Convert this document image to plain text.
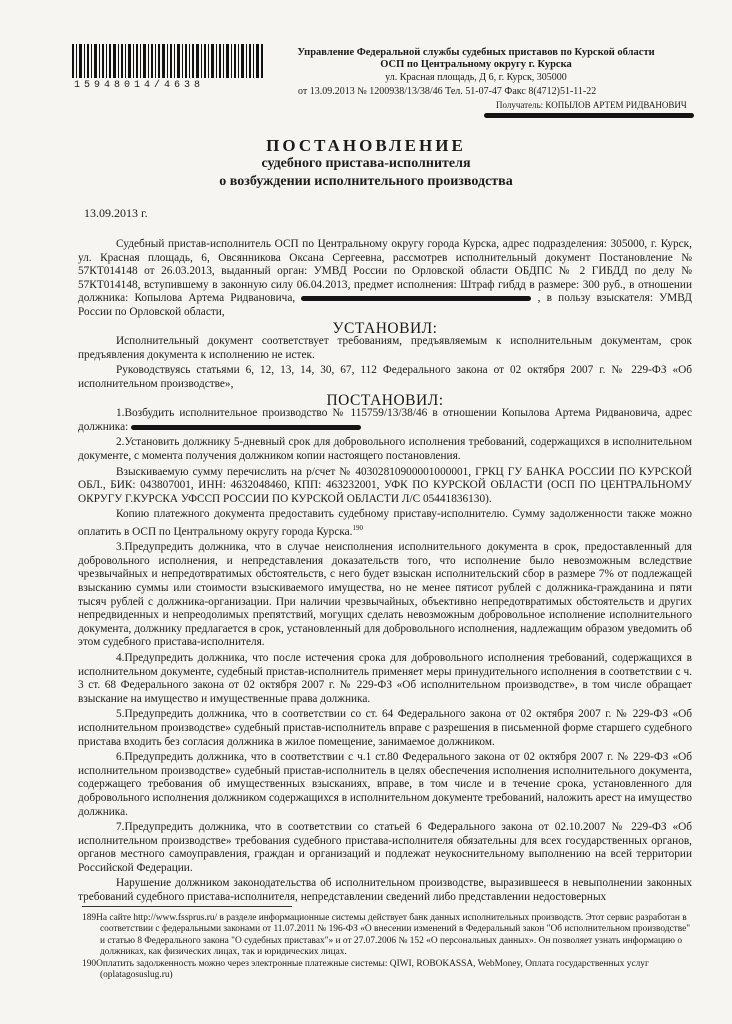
15948014/4638
Управление Федеральной службы судебных приставов по Курской области
ОСП по Центральному округу г. Курска
ул. Красная площадь, Д 6, г. Курск, 305000
от 13.09.2013 № 1200938/13/38/46 Тел. 51-07-47 Факс 8(4712)51-11-22
Получатель: КОПЫЛОВ АРТЕМ РИДВАНОВИЧ
ПОСТАНОВЛЕНИЕ
судебного пристава-исполнителя
о возбуждении исполнительного производства
13.09.2013 г.

Судебный пристав-исполнитель ОСП по Центральному округу города Курска, адрес подразделения: 305000, г. Курск, ул. Красная площадь, 6, Овсянникова Оксана Сергеевна, рассмотрев исполнительный документ Постановление № 57КТ014148 от 26.03.2013, выданный орган: УМВД России по Орловской области ОБДПС № 2 ГИБДД по делу № 57КТ014148, вступившему в законную силу 06.04.2013, предмет исполнения: Штраф гибдд в размере: 300 руб., в отношении должника: Копылова Артема Ридвановича,	, в пользу взыскателя: УМВД России по Орловской области,

УСТАНОВИЛ:

Исполнительный документ соответствует требованиям, предъявляемым к исполнительным документам, срок предъявления документа к исполнению не истек.

Руководствуясь статьями 6, 12, 13, 14, 30, 67, 112 Федерального закона от 02 октября 2007 г. № 229-ФЗ «Об исполнительном производстве»,

ПОСТАНОВИЛ:

1.Возбудить исполнительное производство № 115759/13/38/46 в отношении Копылова Артема Ридвановича, адрес должника:

2.Установить должнику 5-дневный срок для добровольного исполнения требований, содержащихся в исполнительном документе, с момента получения должником копии настоящего постановления.

Взыскиваемую сумму перечислить на р/счет № 40302810900001000001, ГРКЦ ГУ БАНКА РОССИИ ПО КУРСКОЙ ОБЛ., БИК: 043807001, ИНН: 4632048460, КПП: 463232001, УФК ПО КУРСКОЙ ОБЛАСТИ (ОСП ПО ЦЕНТРАЛЬНОМУ ОКРУГУ Г.КУРСКА УФССП РОССИИ ПО КУРСКОЙ ОБЛАСТИ Л/С 05441836130).

Копию платежного документа предоставить судебному приставу-исполнителю. Сумму задолженности также можно оплатить в ОСП по Центральному округу города Курска.$^{190}$

3.Предупредить должника, что в случае неисполнения исполнительного документа в срок, предоставленный для добровольного исполнения, и непредставления доказательств того, что исполнение было невозможным вследствие чрезвычайных и непредотвратимых обстоятельств, с него будет взыскан исполнительский сбор в размере 7% от подлежащей взысканию суммы или стоимости взыскиваемого имущества, но не менее пятисот рублей с должника-гражданина и пяти тысяч рублей с должника-организации. При наличии чрезвычайных, объективно непредотвратимых обстоятельств и других непредвиденных и непреодолимых препятствий, могущих сделать невозможным добровольное исполнение исполнительного документа, должнику предлагается в срок, установленный для добровольного исполнения, надлежащим образом уведомить об этом судебного пристава-исполнителя.

4.Предупредить должника, что после истечения срока для добровольного исполнения требований, содержащихся в исполнительном документе, судебный пристав-исполнитель применяет меры принудительного исполнения в соответствии с ч. 3 ст. 68 Федерального закона от 02 октября 2007 г. № 229-ФЗ «Об исполнительном производстве», в том числе обращает взыскание на имущество и имущественные права должника.

5.Предупредить должника, что в соответствии со ст. 64 Федерального закона от 02 октября 2007 г. № 229-ФЗ «Об исполнительном производстве» судебный пристав-исполнитель вправе с разрешения в письменной форме старшего судебного пристава входить без согласия должника в жилое помещение, занимаемое должником.

6.Предупредить должника, что в соответствии с ч.1 ст.80 Федерального закона от 02 октября 2007 г. № 229-ФЗ «Об исполнительном производстве» судебный пристав-исполнитель в целях обеспечения исполнения исполнительного документа, содержащего требования об имущественных взысканиях, вправе, в том числе и в течение срока, установленного для добровольного исполнения должником содержащихся в исполнительном документе требований, наложить арест на имущество должника.

7.Предупредить должника, что в соответствии со статьей 6 Федерального закона от 02.10.2007 № 229-ФЗ «Об исполнительном производстве» требования судебного пристава-исполнителя обязательны для всех государственных органов, органов местного самоуправления, граждан и организаций и подлежат неукоснительному выполнению на всей территории Российской Федерации.

Нарушение должником законодательства об исполнительном производстве, выразившееся в невыполнении законных требований судебного пристава-исполнителя, непредставлении сведений либо представлении недостоверных

189На сайте http://www.fssprus.ru/ в разделе информационные системы действует банк данных исполнительных производств. Этот сервис разработан в соответствии с федеральными законами от 11.07.2011 № 196-ФЗ «О внесении изменений в Федеральный закон "Об исполнительном производстве" и статью 8 Федерального закона "О судебных приставах"» и от 27.07.2006 № 152 «О персональных данных». Он позволяет узнать информацию о должниках, как физических лицах, так и юридических лицах.

190Оплатить задолженность можно через электронные платежные системы: QIWI, ROBOKASSA, WebMoney, Оплата государственных услуг (oplatagosuslug.ru)
